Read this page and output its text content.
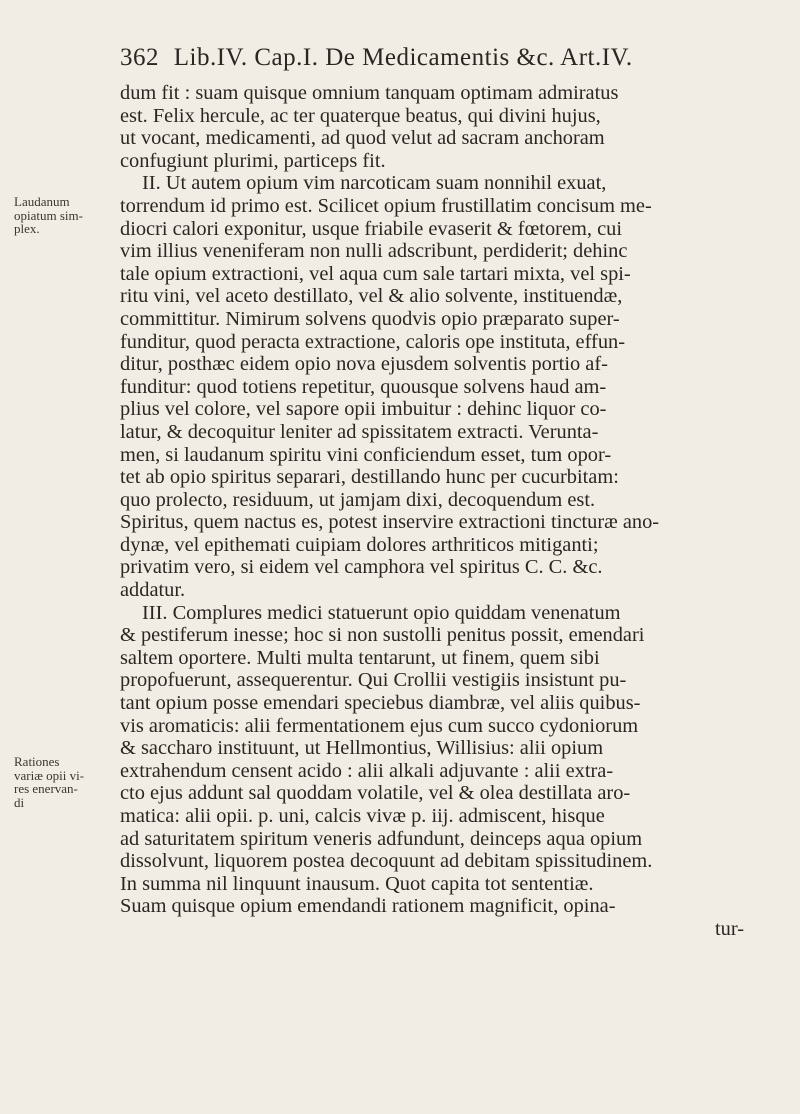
362 Lib.IV. Cap.I. De Medicamentis &c. Art.IV.
Laudanum
opiatum sim-
plex.
Rationes
variæ opii vi-
res enervan-
di
dum fit : suam quisque omnium tanquam optimam admiratus
est. Felix hercule, ac ter quaterque beatus, qui divini hujus,
ut vocant, medicamenti, ad quod velut ad sacram anchoram
confugiunt plurimi, particeps fit.
II. Ut autem opium vim narcoticam suam nonnihil exuat,
torrendum id primo est. Scilicet opium frustillatim concisum me-
diocri calori exponitur, usque friabile evaserit & fœtorem, cui
vim illius veneniferam non nulli adscribunt, perdiderit; dehinc
tale opium extractioni, vel aqua cum sale tartari mixta, vel spi-
ritu vini, vel aceto destillato, vel & alio solvente, instituendæ,
committitur. Nimirum solvens quodvis opio præparato super-
funditur, quod peracta extractione, caloris ope instituta, effun-
ditur, posthæc eidem opio nova ejusdem solventis portio af-
funditur: quod totiens repetitur, quousque solvens haud am-
plius vel colore, vel sapore opii imbuitur : dehinc liquor co-
latur, & decoquitur leniter ad spissitatem extracti. Verunta-
men, si laudanum spiritu vini conficiendum esset, tum opor-
tet ab opio spiritus separari, destillando hunc per cucurbitam:
quo prolecto, residuum, ut jamjam dixi, decoquendum est.
Spiritus, quem nactus es, potest inservire extractioni tincturæ ano-
dynæ, vel epithemati cuipiam dolores arthriticos mitiganti;
privatim vero, si eidem vel camphora vel spiritus C. C. &c.
addatur.
III. Complures medici statuerunt opio quiddam venenatum
& pestiferum inesse; hoc si non sustolli penitus possit, emendari
saltem oportere. Multi multa tentarunt, ut finem, quem sibi
propofuerunt, assequerentur. Qui Crollii vestigiis insistunt pu-
tant opium posse emendari speciebus diambræ, vel aliis quibus-
vis aromaticis: alii fermentationem ejus cum succo cydoniorum
& saccharo instituunt, ut Hellmontius, Willisius: alii opium
extrahendum censent acido : alii alkali adjuvante : alii extra-
cto ejus addunt sal quoddam volatile, vel & olea destillata aro-
matica: alii opii. p. uni, calcis vivæ p. iij. admiscent, hisque
ad saturitatem spiritum veneris adfundunt, deinceps aqua opium
dissolvunt, liquorem postea decoquunt ad debitam spissitudinem.
In summa nil linquunt inausum. Quot capita tot sententiæ.
Suam quisque opium emendandi rationem magnificit, opina-
tur-
